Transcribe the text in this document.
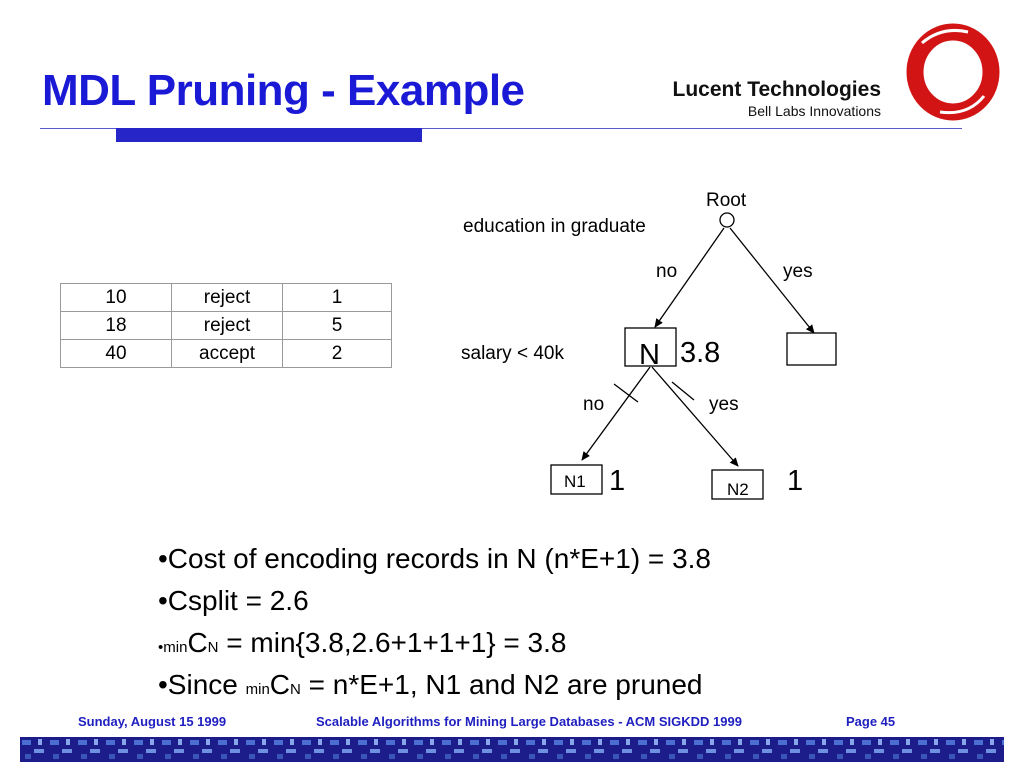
MDL Pruning - Example	Lucent Technologies
Bell Labs Innovations
10	reject	1
18	reject	5
40	accept	2
Root
education in graduate
no	yes
N 3.8
salary < 40k
no	yes
N1 1	N2 1
•Cost of encoding records in N (n*E+1) = 3.8
•Csplit = 2.6
•minCN = min{3.8,2.6+1+1+1} = 3.8
•Since minCN = n*E+1, N1 and N2 are pruned
Sunday, August 15 1999	Scalable Algorithms for Mining Large Databases - ACM SIGKDD 1999	Page 45
